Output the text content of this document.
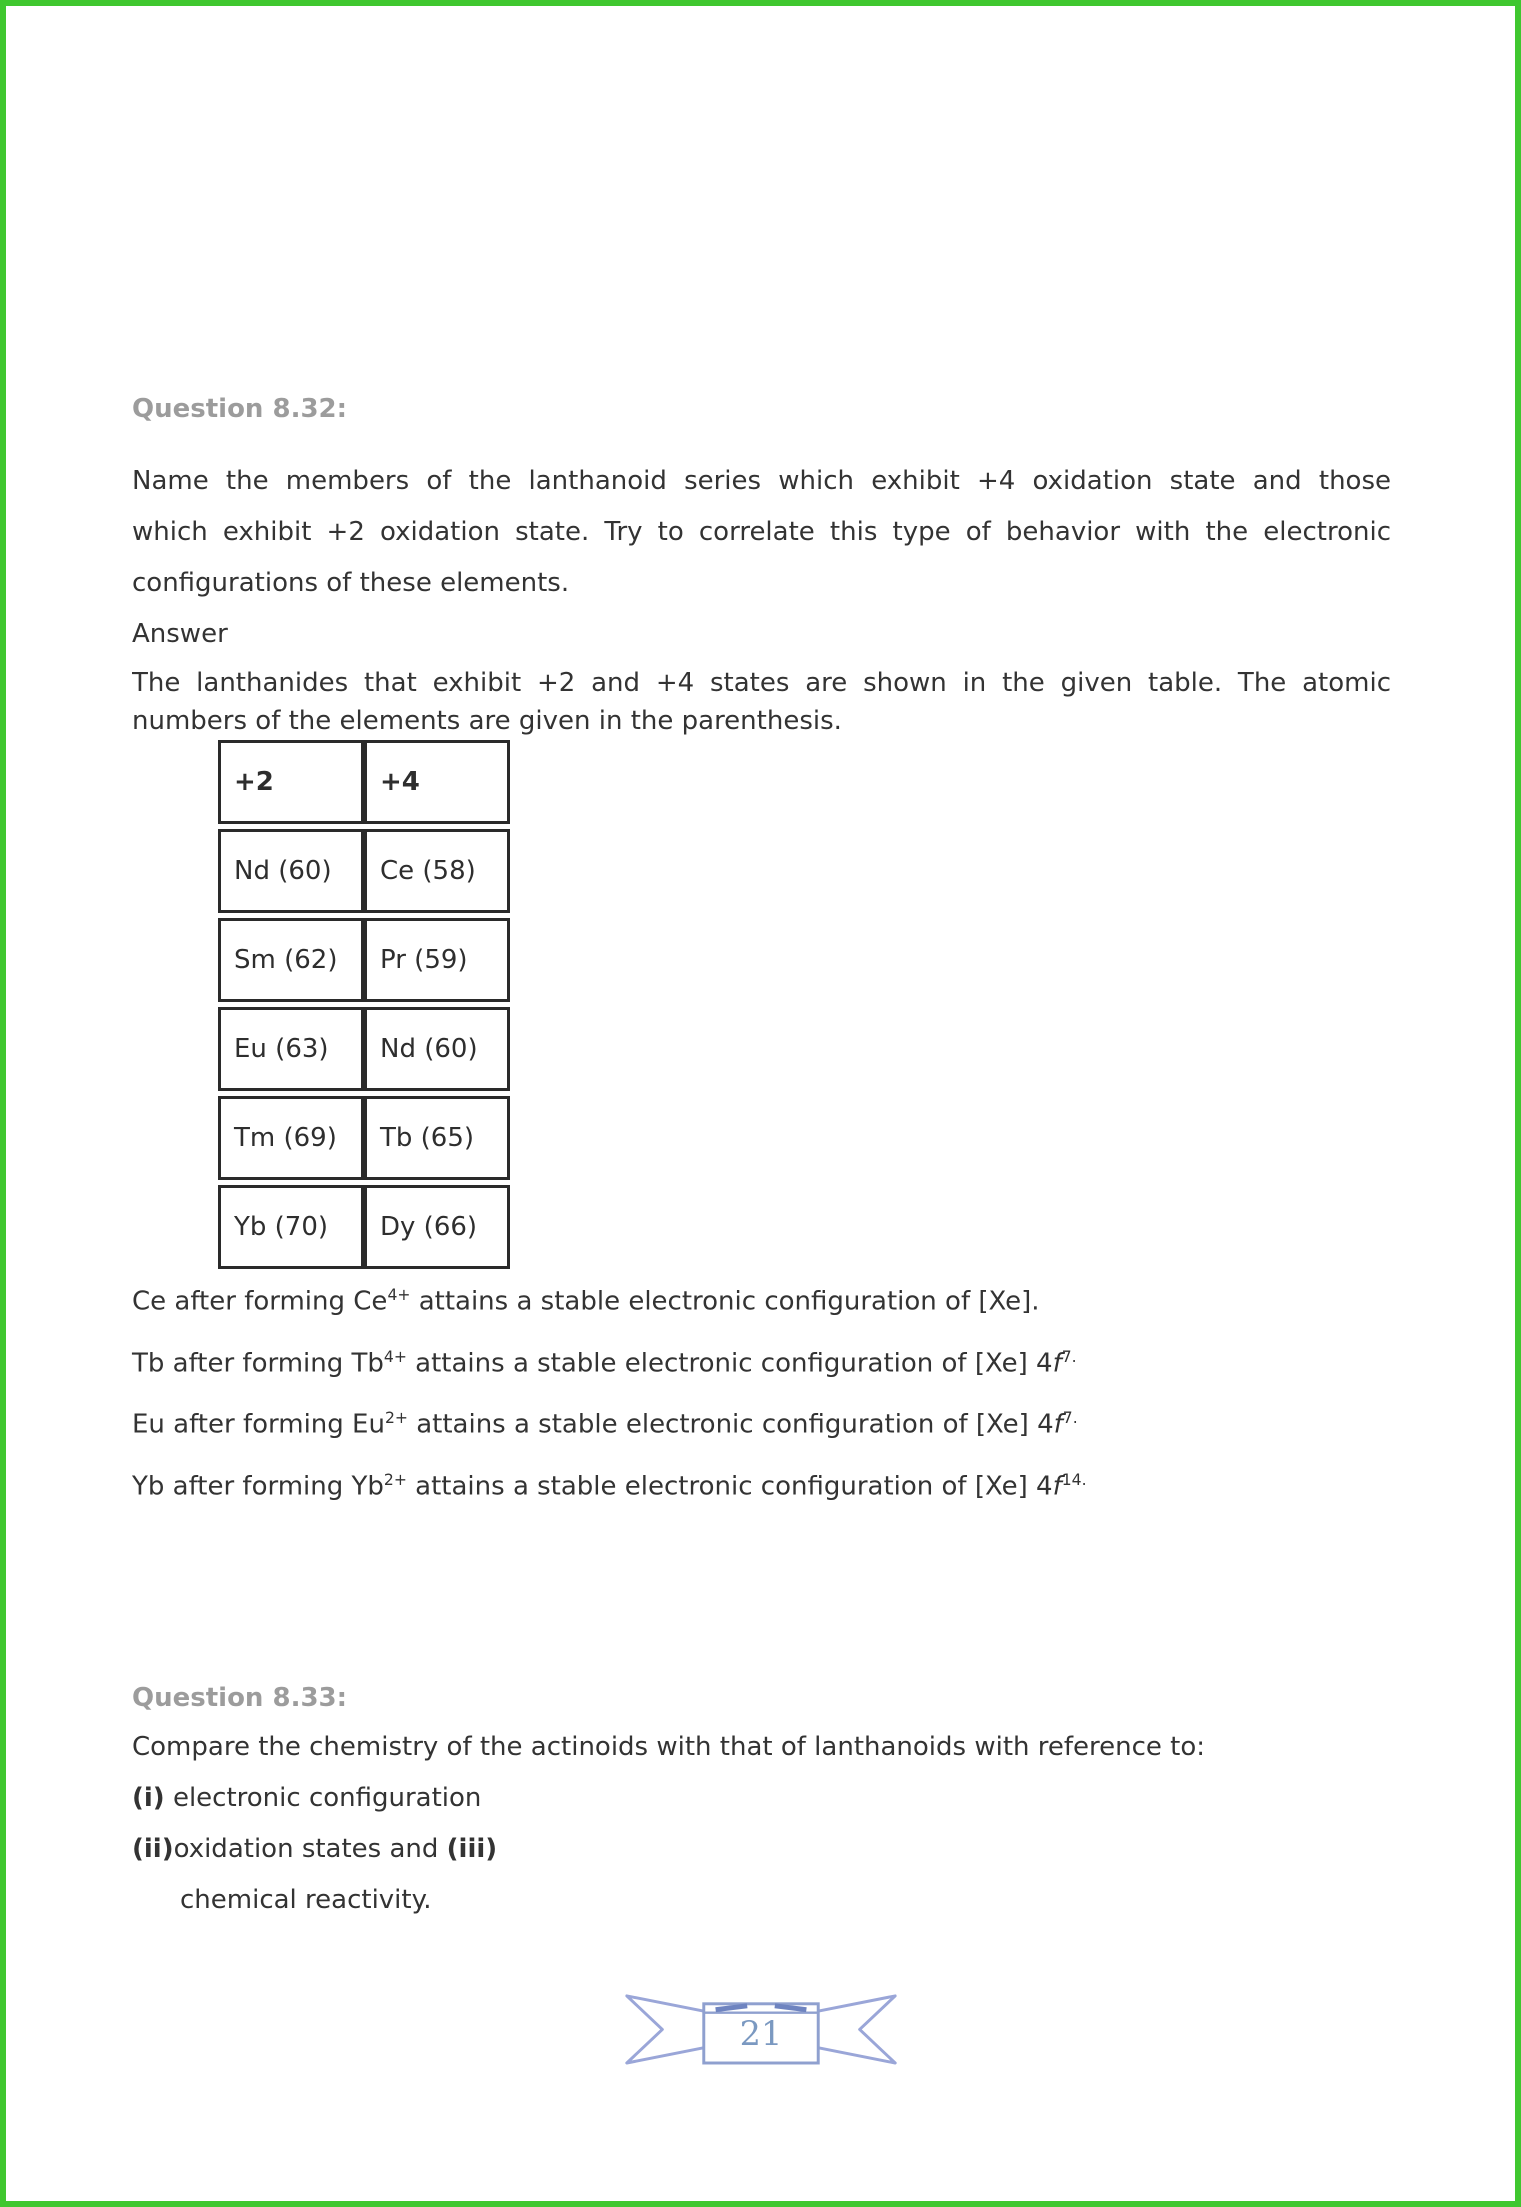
Question 8.32:

Name the members of the lanthanoid series which exhibit +4 oxidation state and those
which exhibit +2 oxidation state. Try to correlate this type of behavior with the electronic
configurations of these elements.

Answer

The lanthanides that exhibit +2 and +4 states are shown in the given table. The atomic
numbers of the elements are given in the parenthesis.
+2	+4
Nd (60)	Ce (58)
Sm (62)	Pr (59)
Eu (63)	Nd (60)
Tm (69)	Tb (65)
Yb (70)	Dy (66)

Ce after forming $Ce^{4+}$ attains a stable electronic configuration of [Xe].

Tb after forming $Tb^{4+}$ attains a stable electronic configuration of [Xe] $4f^{7.}$

Eu after forming $Eu^{2+}$ attains a stable electronic configuration of [Xe] $4f^{7.}$

Yb after forming $Yb^{2+}$ attains a stable electronic configuration of [Xe] $4f^{14.}$

Question 8.33:

Compare the chemistry of the actinoids with that of lanthanoids with reference to:

(i) electronic configuration

(ii)oxidation states and (iii)

chemical reactivity.

21
